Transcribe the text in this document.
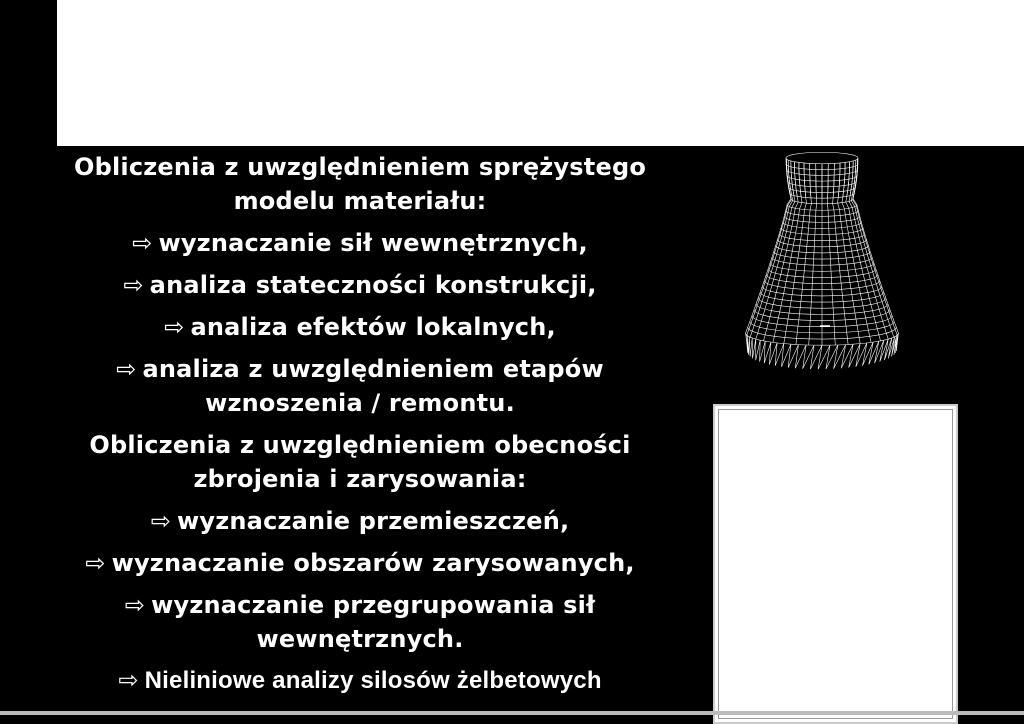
Obliczenia z uwzględnieniem sprężystego
modelu materiału:
⇨ wyznaczanie sił wewnętrznych,
⇨ analiza stateczności konstrukcji,
⇨ analiza efektów lokalnych,
⇨ analiza z uwzględnieniem etapów
wznoszenia / remontu.
Obliczenia z uwzględnieniem obecności
zbrojenia i zarysowania:
⇨ wyznaczanie przemieszczeń,
⇨ wyznaczanie obszarów zarysowanych,
⇨ wyznaczanie przegrupowania sił
wewnętrznych.
⇨ Nieliniowe analizy silosów żelbetowych
